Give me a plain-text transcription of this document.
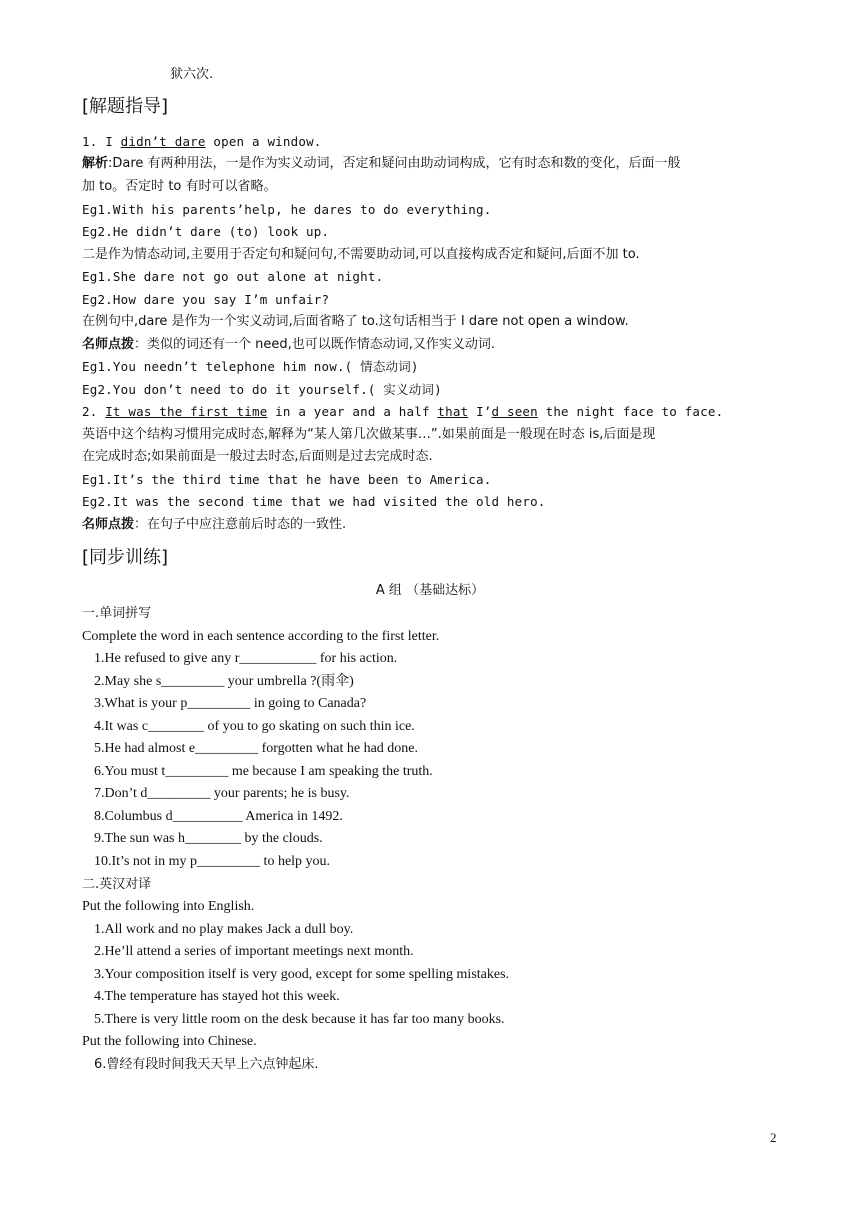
狱六次.
[解题指导]
1. I didn’t dare open a window.
解析:Dare 有两种用法，一是作为实义动词，否定和疑问由助动词构成，它有时态和数的变化，后面一般
加 to。否定时 to 有时可以省略。
Eg1.With his parents’help, he dares to do everything.
Eg2.He didn’t dare (to) look up.
二是作为情态动词,主要用于否定句和疑问句,不需要助动词,可以直接构成否定和疑问,后面不加 to.
Eg1.She dare not go out alone at night.
Eg2.How dare you say I’m unfair?
在例句中,dare 是作为一个实义动词,后面省略了 to.这句话相当于 I dare not open a window.
名师点拨：类似的词还有一个 need,也可以既作情态动词,又作实义动词.
Eg1.You needn’t telephone him now.( 情态动词)
Eg2.You don’t need to do it yourself.( 实义动词)
2. It was the first time in a year and a half that I’d seen the night face to face.
英语中这个结构习惯用完成时态,解释为“某人第几次做某事…”.如果前面是一般现在时态 is,后面是现
在完成时态;如果前面是一般过去时态,后面则是过去完成时态.
Eg1.It’s the third time that he have been to America.
Eg2.It was the second time that we had visited the old hero.
名师点拨：在句子中应注意前后时态的一致性.
[同步训练]
A 组 （基础达标）
一.单词拼写
Complete the word in each sentence according to the first letter.
1.He refused to give any r___________ for his action.
2.May she s_________ your umbrella ?(雨伞)
3.What is your p_________ in going to Canada?
4.It was c________ of you to go skating on such thin ice.
5.He had almost e_________ forgotten what he had done.
6.You must t_________ me because I am speaking the truth.
7.Don’t d_________ your parents; he is busy.
8.Columbus d__________ America in 1492.
9.The sun was h________ by the clouds.
10.It’s not in my p_________ to help you.
二.英汉对译
Put the following into English.
1.All work and no play makes Jack a dull boy.
2.He’ll attend a series of important meetings next month.
3.Your composition itself is very good, except for some spelling mistakes.
4.The temperature has stayed hot this week.
5.There is very little room on the desk because it has far too many books.
Put the following into Chinese.
6.曾经有段时间我天天早上六点钟起床.
2
